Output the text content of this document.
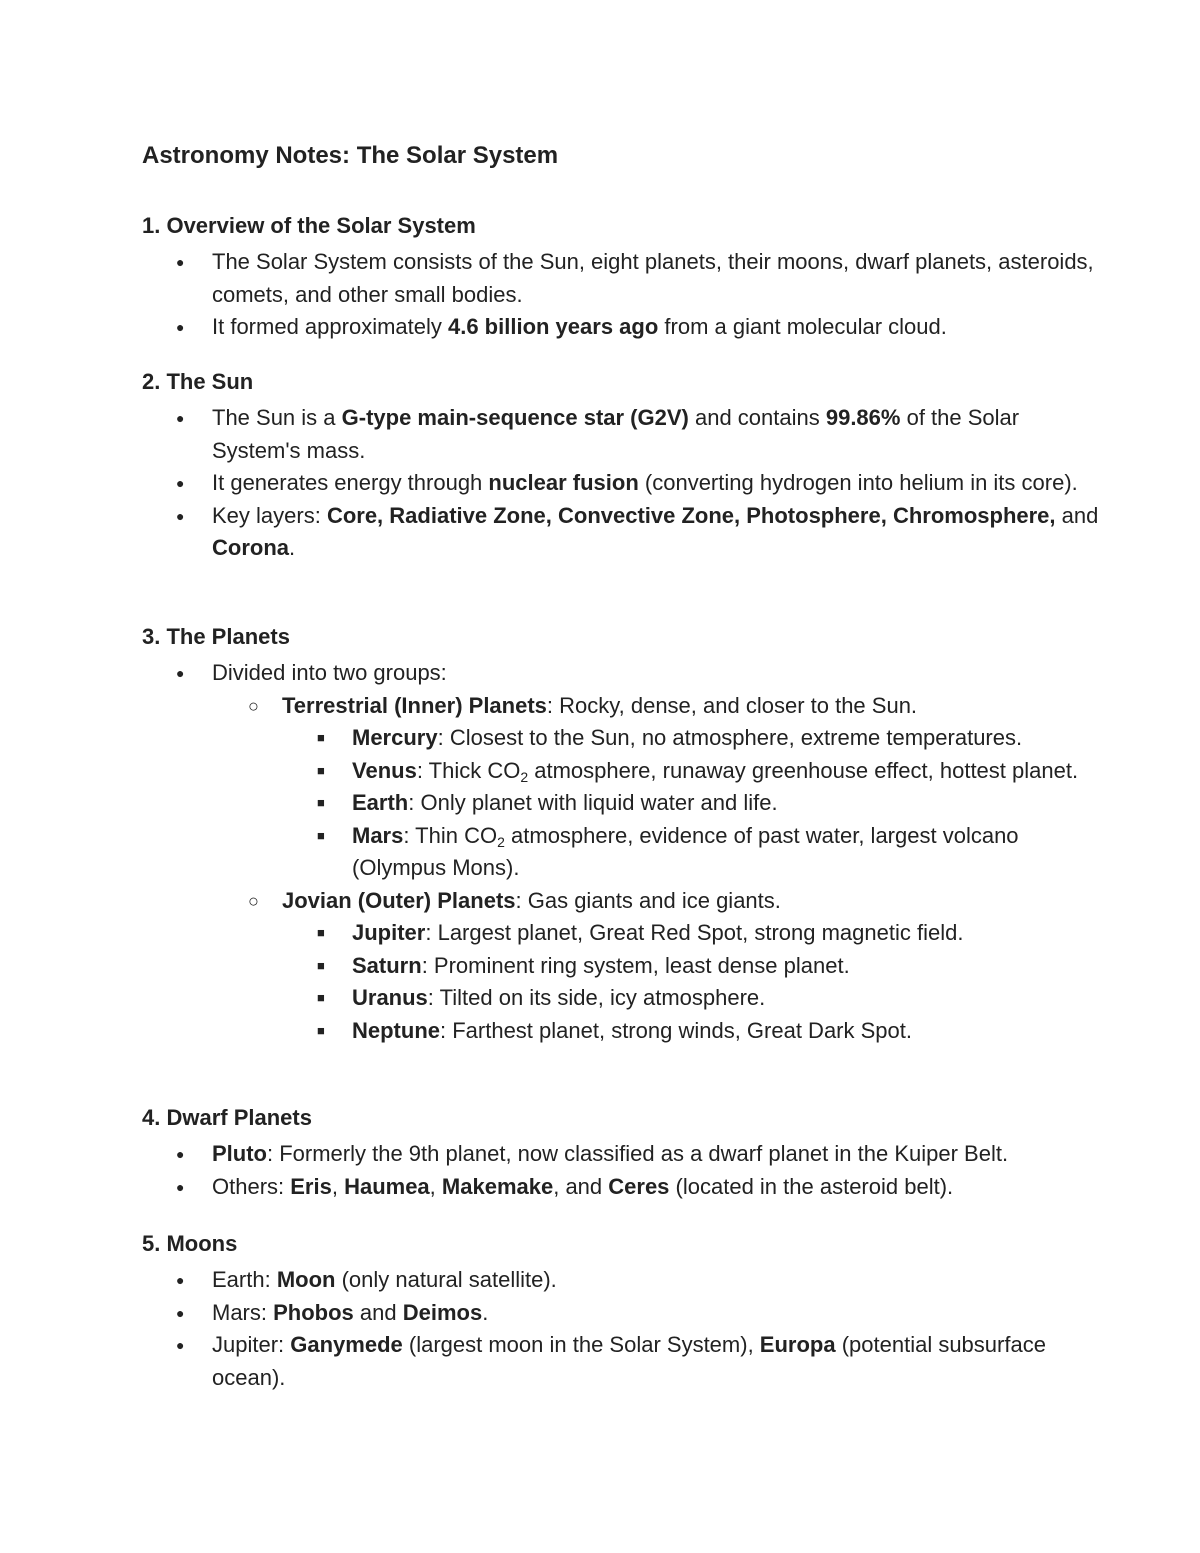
Astronomy Notes: The Solar System
1. Overview of the Solar System
● The Solar System consists of the Sun, eight planets, their moons, dwarf planets, asteroids, comets, and other small bodies.
● It formed approximately 4.6 billion years ago from a giant molecular cloud.
2. The Sun
● The Sun is a G-type main-sequence star (G2V) and contains 99.86% of the Solar System's mass.
● It generates energy through nuclear fusion (converting hydrogen into helium in its core).
● Key layers: Core, Radiative Zone, Convective Zone, Photosphere, Chromosphere, and Corona.
3. The Planets
● Divided into two groups:
○ Terrestrial (Inner) Planets: Rocky, dense, and closer to the Sun.
■ Mercury: Closest to the Sun, no atmosphere, extreme temperatures.
■ Venus: Thick $CO_2$ atmosphere, runaway greenhouse effect, hottest planet.
■ Earth: Only planet with liquid water and life.
■ Mars: Thin $CO_2$ atmosphere, evidence of past water, largest volcano (Olympus Mons).
○ Jovian (Outer) Planets: Gas giants and ice giants.
■ Jupiter: Largest planet, Great Red Spot, strong magnetic field.
■ Saturn: Prominent ring system, least dense planet.
■ Uranus: Tilted on its side, icy atmosphere.
■ Neptune: Farthest planet, strong winds, Great Dark Spot.
4. Dwarf Planets
● Pluto: Formerly the 9th planet, now classified as a dwarf planet in the Kuiper Belt.
● Others: Eris, Haumea, Makemake, and Ceres (located in the asteroid belt).
5. Moons
● Earth: Moon (only natural satellite).
● Mars: Phobos and Deimos.
● Jupiter: Ganymede (largest moon in the Solar System), Europa (potential subsurface ocean).
